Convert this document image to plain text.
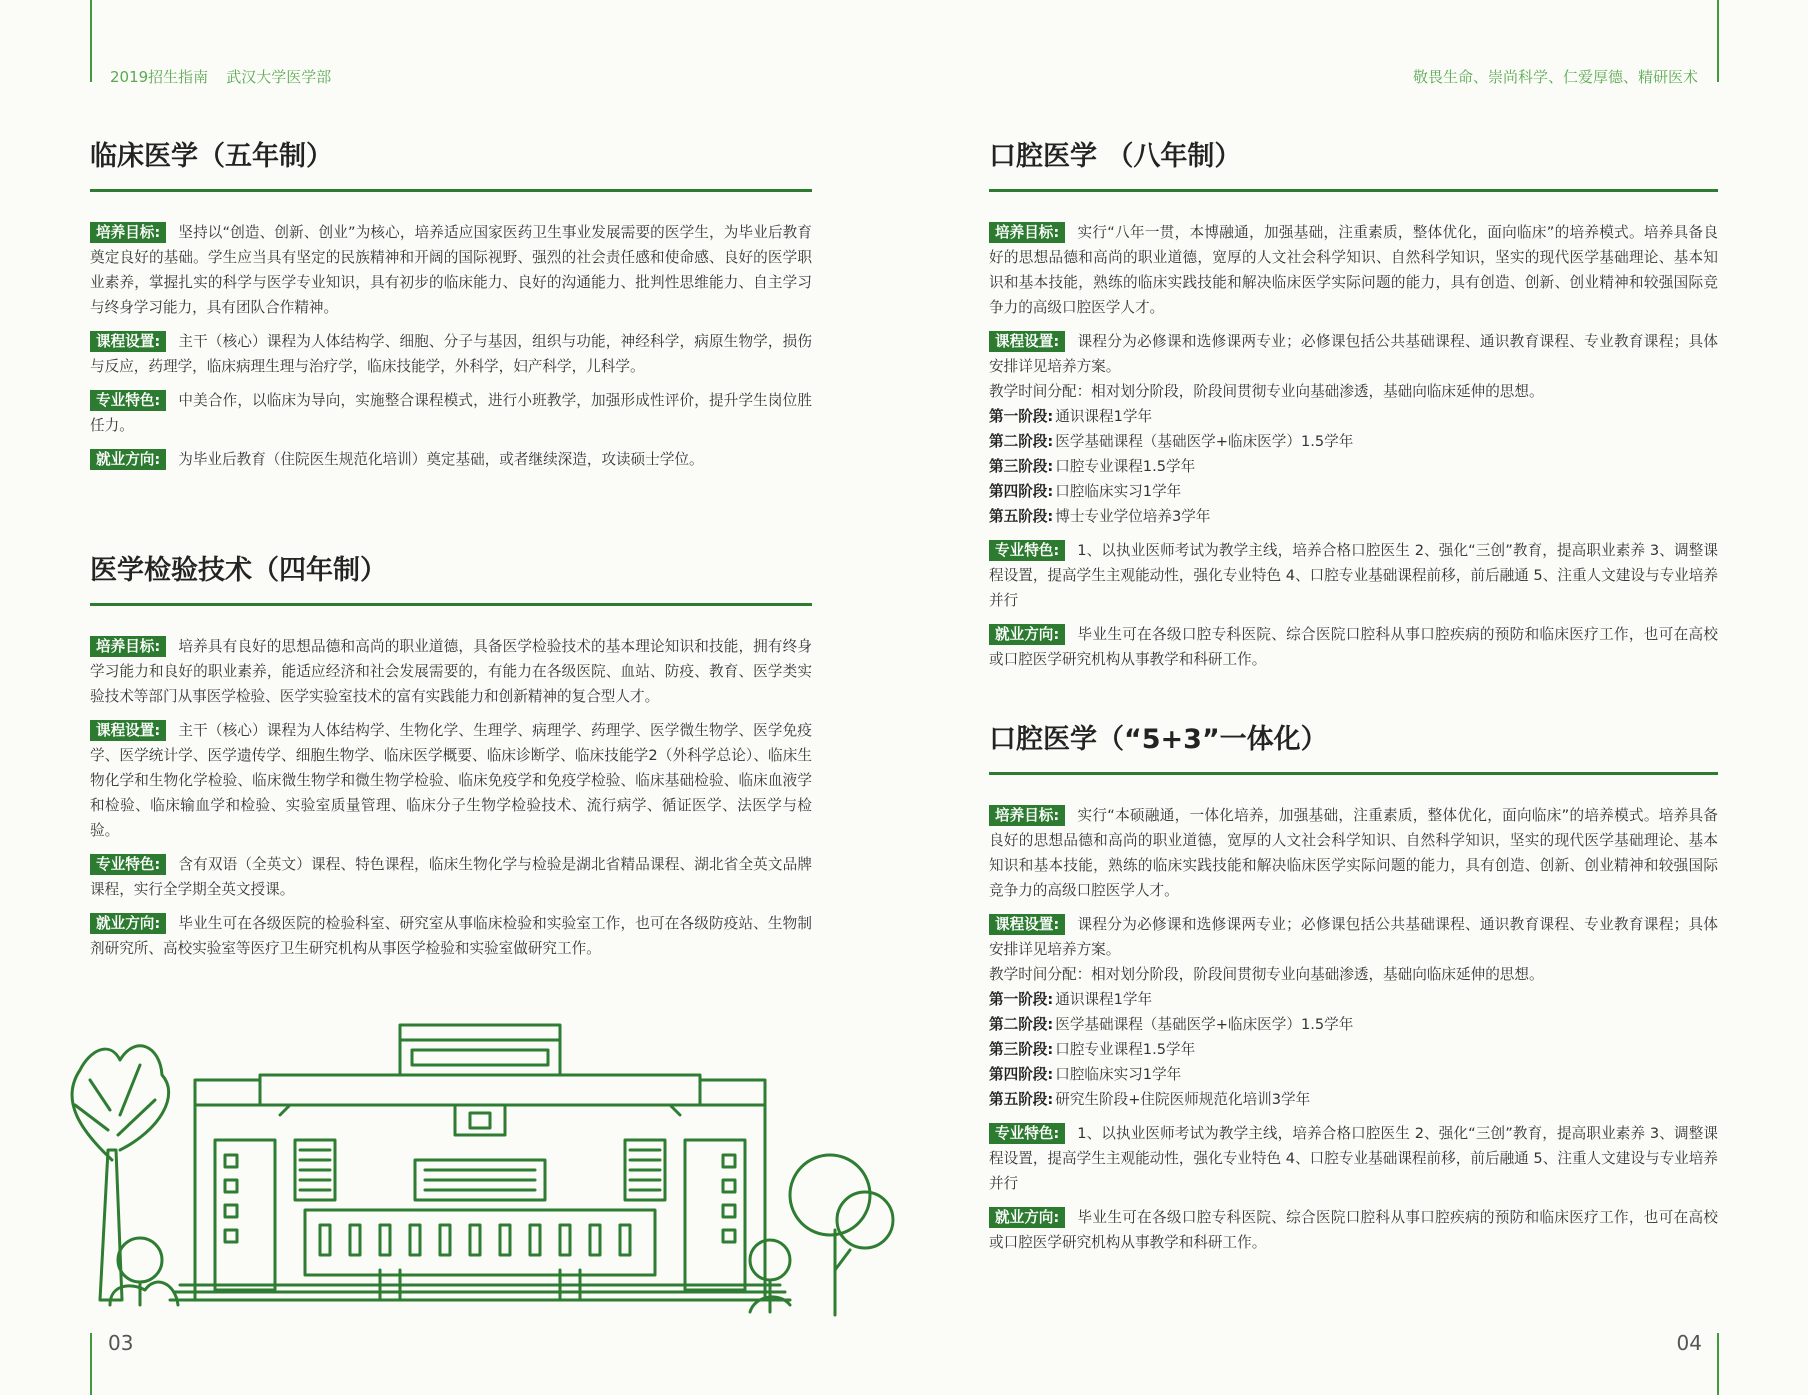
2019招生指南 武汉大学医学部	敬畏生命、崇尚科学、仁爱厚德、精研医术
03	04
临床医学（五年制）
培养目标: 坚持以“创造、创新、创业”为核心，培养适应国家医药卫生事业发展需要的医学生，为毕业后教育奠定良好的基础。学生应当具有坚定的民族精神和开阔的国际视野、强烈的社会责任感和使命感、良好的医学职业素养，掌握扎实的科学与医学专业知识，具有初步的临床能力、良好的沟通能力、批判性思维能力、自主学习与终身学习能力，具有团队合作精神。
课程设置: 主干（核心）课程为人体结构学、细胞、分子与基因，组织与功能，神经科学，病原生物学，损伤与反应，药理学，临床病理生理与治疗学，临床技能学，外科学，妇产科学，儿科学。
专业特色: 中美合作，以临床为导向，实施整合课程模式，进行小班教学，加强形成性评价，提升学生岗位胜任力。
就业方向: 为毕业后教育（住院医生规范化培训）奠定基础，或者继续深造，攻读硕士学位。
医学检验技术（四年制）
培养目标: 培养具有良好的思想品德和高尚的职业道德，具备医学检验技术的基本理论知识和技能，拥有终身学习能力和良好的职业素养，能适应经济和社会发展需要的，有能力在各级医院、血站、防疫、教育、医学类实验技术等部门从事医学检验、医学实验室技术的富有实践能力和创新精神的复合型人才。
课程设置: 主干（核心）课程为人体结构学、生物化学、生理学、病理学、药理学、医学微生物学、医学免疫学、医学统计学、医学遗传学、细胞生物学、临床医学概要、临床诊断学、临床技能学2（外科学总论）、临床生物化学和生物化学检验、临床微生物学和微生物学检验、临床免疫学和免疫学检验、临床基础检验、临床血液学和检验、临床输血学和检验、实验室质量管理、临床分子生物学检验技术、流行病学、循证医学、法医学与检验。
专业特色: 含有双语（全英文）课程、特色课程，临床生物化学与检验是湖北省精品课程、湖北省全英文品牌课程，实行全学期全英文授课。
就业方向: 毕业生可在各级医院的检验科室、研究室从事临床检验和实验室工作，也可在各级防疫站、生物制剂研究所、高校实验室等医疗卫生研究机构从事医学检验和实验室做研究工作。
口腔医学 （八年制）
培养目标: 实行“八年一贯，本博融通，加强基础，注重素质，整体优化，面向临床”的培养模式。培养具备良好的思想品德和高尚的职业道德，宽厚的人文社会科学知识、自然科学知识，坚实的现代医学基础理论、基本知识和基本技能，熟练的临床实践技能和解决临床医学实际问题的能力，具有创造、创新、创业精神和较强国际竞争力的高级口腔医学人才。
课程设置: 课程分为必修课和选修课两专业；必修课包括公共基础课程、通识教育课程、专业教育课程；具体安排详见培养方案。
教学时间分配：相对划分阶段，阶段间贯彻专业向基础渗透，基础向临床延伸的思想。
第一阶段: 通识课程1学年
第二阶段: 医学基础课程（基础医学+临床医学）1.5学年
第三阶段: 口腔专业课程1.5学年
第四阶段: 口腔临床实习1学年
第五阶段: 博士专业学位培养3学年
专业特色: 1、以执业医师考试为教学主线，培养合格口腔医生 2、强化“三创”教育，提高职业素养 3、调整课程设置，提高学生主观能动性，强化专业特色 4、口腔专业基础课程前移，前后融通 5、注重人文建设与专业培养并行
就业方向: 毕业生可在各级口腔专科医院、综合医院口腔科从事口腔疾病的预防和临床医疗工作，也可在高校或口腔医学研究机构从事教学和科研工作。
口腔医学（“5+3”一体化）
培养目标: 实行“本硕融通，一体化培养，加强基础，注重素质，整体优化，面向临床”的培养模式。培养具备良好的思想品德和高尚的职业道德，宽厚的人文社会科学知识、自然科学知识，坚实的现代医学基础理论、基本知识和基本技能，熟练的临床实践技能和解决临床医学实际问题的能力，具有创造、创新、创业精神和较强国际竞争力的高级口腔医学人才。
课程设置: 课程分为必修课和选修课两专业；必修课包括公共基础课程、通识教育课程、专业教育课程；具体安排详见培养方案。
教学时间分配：相对划分阶段，阶段间贯彻专业向基础渗透，基础向临床延伸的思想。
第一阶段: 通识课程1学年
第二阶段: 医学基础课程（基础医学+临床医学）1.5学年
第三阶段: 口腔专业课程1.5学年
第四阶段: 口腔临床实习1学年
第五阶段: 研究生阶段+住院医师规范化培训3学年
专业特色: 1、以执业医师考试为教学主线，培养合格口腔医生 2、强化“三创”教育，提高职业素养 3、调整课程设置，提高学生主观能动性，强化专业特色 4、口腔专业基础课程前移，前后融通 5、注重人文建设与专业培养并行
就业方向: 毕业生可在各级口腔专科医院、综合医院口腔科从事口腔疾病的预防和临床医疗工作，也可在高校或口腔医学研究机构从事教学和科研工作。
